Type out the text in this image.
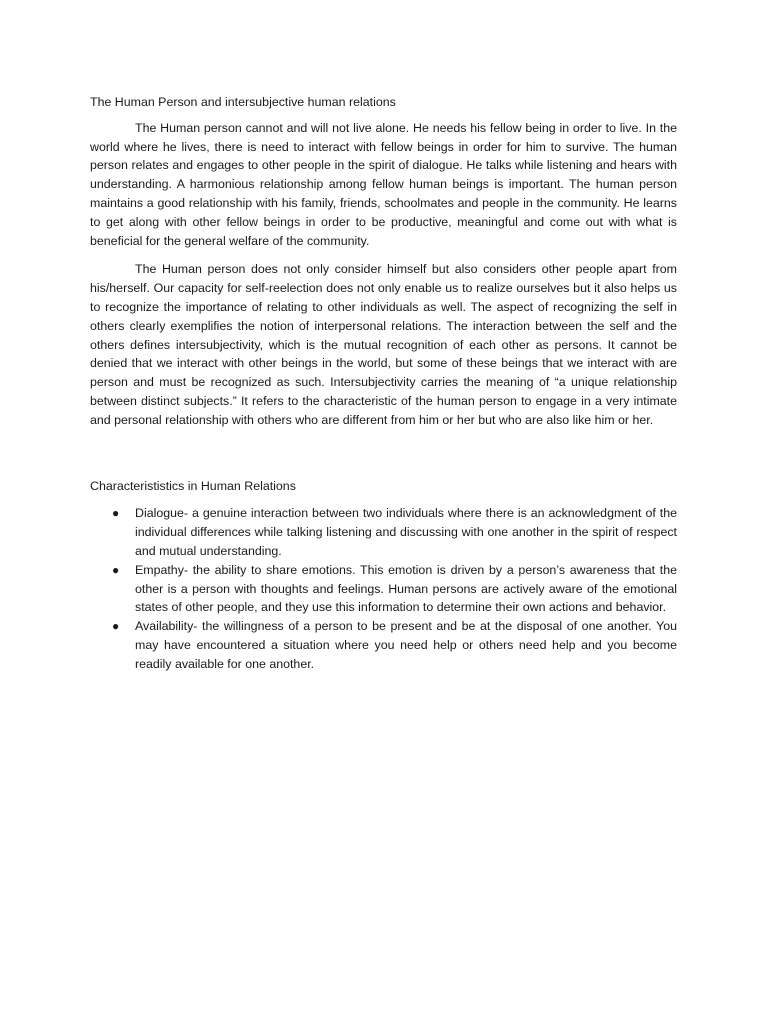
The Human Person and intersubjective human relations

The Human person cannot and will not live alone. He needs his fellow being in order to live. In the world where he lives, there is need to interact with fellow beings in order for him to survive. The human person relates and engages to other people in the spirit of dialogue. He talks while listening and hears with understanding. A harmonious relationship among fellow human beings is important. The human person maintains a good relationship with his family, friends, schoolmates and people in the community. He learns to get along with other fellow beings in order to be productive, meaningful and come out with what is beneficial for the general welfare of the community.

The Human person does not only consider himself but also considers other people apart from his/herself. Our capacity for self-reelection does not only enable us to realize ourselves but it also helps us to recognize the importance of relating to other individuals as well. The aspect of recognizing the self in others clearly exemplifies the notion of interpersonal relations. The interaction between the self and the others defines intersubjectivity, which is the mutual recognition of each other as persons. It cannot be denied that we interact with other beings in the world, but some of these beings that we interact with are person and must be recognized as such. Intersubjectivity carries the meaning of “a unique relationship between distinct subjects.” It refers to the characteristic of the human person to engage in a very intimate and personal relationship with others who are different from him or her but who are also like him or her.

Characterististics in Human Relations
● Dialogue- a genuine interaction between two individuals where there is an acknowledgment of the individual differences while talking listening and discussing with one another in the spirit of respect and mutual understanding.
● Empathy- the ability to share emotions. This emotion is driven by a person’s awareness that the other is a person with thoughts and feelings. Human persons are actively aware of the emotional states of other people, and they use this information to determine their own actions and behavior.
● Availability- the willingness of a person to be present and be at the disposal of one another. You may have encountered a situation where you need help or others need help and you become readily available for one another.
